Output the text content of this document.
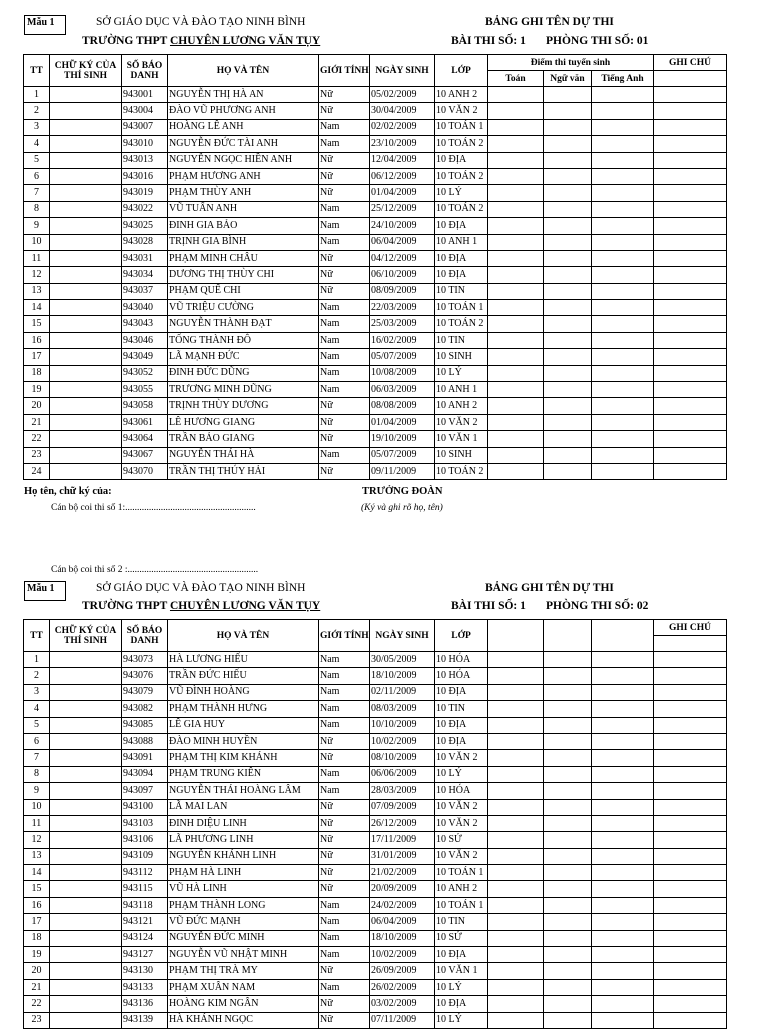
Mẫu 1	SỞ GIÁO DỤC VÀ ĐÀO TẠO NINH BÌNH
TRƯỜNG THPT CHUYÊN LƯƠNG VĂN TỤY
BẢNG GHI TÊN DỰ THI
BÀI THI SỐ: 1 PHÒNG THI SỐ: 01
TT	CHỮ KÝ CỦA THÍ SINH	SỐ BÁO DANH	HỌ VÀ TÊN	GIỚI TÍNH	NGÀY SINH	LỚP	Điểm thi tuyển sinh			GHI CHÚ
							Toán	Ngữ văn	Tiếng Anh	
1		943001	NGUYỄN THỊ HÀ AN	Nữ	05/02/2009	10 ANH 2				
2		943004	ĐÀO VŨ PHƯƠNG ANH	Nữ	30/04/2009	10 VĂN 2				
3		943007	HOÀNG LÊ ANH	Nam	02/02/2009	10 TOÁN 1				
4		943010	NGUYỄN ĐỨC TÀI ANH	Nam	23/10/2009	10 TOÁN 2				
5		943013	NGUYỄN NGỌC HIỀN ANH	Nữ	12/04/2009	10 ĐỊA				
6		943016	PHẠM HƯƠNG ANH	Nữ	06/12/2009	10 TOÁN 2				
7		943019	PHẠM THÙY ANH	Nữ	01/04/2009	10 LÝ				
8		943022	VŨ TUẤN ANH	Nam	25/12/2009	10 TOÁN 2				
9		943025	ĐINH GIA BẢO	Nam	24/10/2009	10 ĐỊA				
10		943028	TRỊNH GIA BÌNH	Nam	06/04/2009	10 ANH 1				
11		943031	PHẠM MINH CHÂU	Nữ	04/12/2009	10 ĐỊA				
12		943034	DƯƠNG THỊ THÙY CHI	Nữ	06/10/2009	10 ĐỊA				
13		943037	PHẠM QUẾ CHI	Nữ	08/09/2009	10 TIN				
14		943040	VŨ TRIỆU CƯỜNG	Nam	22/03/2009	10 TOÁN 1				
15		943043	NGUYỄN THÀNH ĐẠT	Nam	25/03/2009	10 TOÁN 2				
16		943046	TỐNG THÀNH ĐÔ	Nam	16/02/2009	10 TIN				
17		943049	LÃ MẠNH ĐỨC	Nam	05/07/2009	10 SINH				
18		943052	ĐINH ĐỨC DŨNG	Nam	10/08/2009	10 LÝ				
19		943055	TRƯƠNG MINH DŨNG	Nam	06/03/2009	10 ANH 1				
20		943058	TRỊNH THÙY DƯƠNG	Nữ	08/08/2009	10 ANH 2				
21		943061	LÊ HƯƠNG GIANG	Nữ	01/04/2009	10 VĂN 2				
22		943064	TRẦN BẢO GIANG	Nữ	19/10/2009	10 VĂN 1				
23		943067	NGUYỄN THÁI HÀ	Nam	05/07/2009	10 SINH				
24		943070	TRẦN THỊ THÚY HẢI	Nữ	09/11/2009	10 TOÁN 2				
Họ tên, chữ ký của:	TRƯỞNG ĐOÀN
Cán bộ coi thi số 1:.......................................................	(Ký và ghi rõ họ, tên)
Cán bộ coi thi số 2 :.......................................................
Mẫu 1	SỞ GIÁO DỤC VÀ ĐÀO TẠO NINH BÌNH
TRƯỜNG THPT CHUYÊN LƯƠNG VĂN TỤY
BẢNG GHI TÊN DỰ THI
BÀI THI SỐ: 1 PHÒNG THI SỐ: 02
TT	CHỮ KÝ CỦA THÍ SINH	SỐ BÁO DANH	HỌ VÀ TÊN	GIỚI TÍNH	NGÀY SINH	LỚP				GHI CHÚ

1		943073	HÀ LƯƠNG HIẾU	Nam	30/05/2009	10 HÓA				
2		943076	TRẦN ĐỨC HIẾU	Nam	18/10/2009	10 HÓA				
3		943079	VŨ ĐÌNH HOÀNG	Nam	02/11/2009	10 ĐỊA				
4		943082	PHẠM THÀNH HƯNG	Nam	08/03/2009	10 TIN				
5		943085	LÊ GIA HUY	Nam	10/10/2009	10 ĐỊA				
6		943088	ĐÀO MINH HUYỀN	Nữ	10/02/2009	10 ĐỊA				
7		943091	PHẠM THỊ KIM KHÁNH	Nữ	08/10/2009	10 VĂN 2				
8		943094	PHẠM TRUNG KIÊN	Nam	06/06/2009	10 LÝ				
9		943097	NGUYỄN THÁI HOÀNG LÂM	Nam	28/03/2009	10 HÓA				
10		943100	LÃ MAI LAN	Nữ	07/09/2009	10 VĂN 2				
11		943103	ĐINH DIỆU LINH	Nữ	26/12/2009	10 VĂN 2				
12		943106	LÃ PHƯƠNG LINH	Nữ	17/11/2009	10 SỬ				
13		943109	NGUYỄN KHÁNH LINH	Nữ	31/01/2009	10 VĂN 2				
14		943112	PHẠM HÀ LINH	Nữ	21/02/2009	10 TOÁN 1				
15		943115	VŨ HÀ LINH	Nữ	20/09/2009	10 ANH 2				
16		943118	PHẠM THÀNH LONG	Nam	24/02/2009	10 TOÁN 1				
17		943121	VŨ ĐỨC MẠNH	Nam	06/04/2009	10 TIN				
18		943124	NGUYỄN ĐỨC MINH	Nam	18/10/2009	10 SỬ				
19		943127	NGUYỄN VŨ NHẬT MINH	Nam	10/02/2009	10 ĐỊA				
20		943130	PHẠM THỊ TRÀ MY	Nữ	26/09/2009	10 VĂN 1				
21		943133	PHẠM XUÂN NAM	Nam	26/02/2009	10 LÝ				
22		943136	HOÀNG KIM NGÂN	Nữ	03/02/2009	10 ĐỊA				
23		943139	HÀ KHÁNH NGỌC	Nữ	07/11/2009	10 LÝ				
